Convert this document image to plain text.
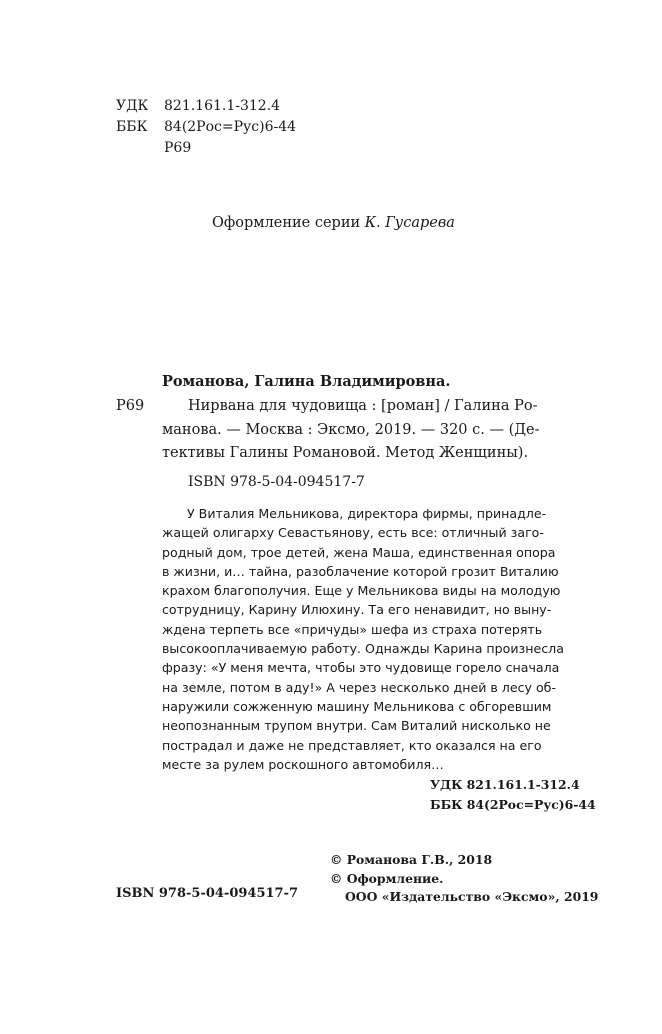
УДК 821.161.1-312.4
ББК 84(2Рос=Рус)6-44
Р69
Оформление серии К. Гусарева
Романова, Галина Владимировна.
Р69	Нирвана для чудовища : [роман] / Галина Ро-
манова. — Москва : Эксмо, 2019. — 320 с. — (Де-
тективы Галины Романовой. Метод Женщины).
ISBN 978-5-04-094517-7

У Виталия Мельникова, директора фирмы, принадле-

жащей олигарху Севастьянову, есть все: отличный заго-

родный дом, трое детей, жена Маша, единственная опора

в жизни, и… тайна, разоблачение которой грозит Виталию

крахом благополучия. Еще у Мельникова виды на молодую

сотрудницу, Карину Илюхину. Та его ненавидит, но выну-

ждена терпеть все «причуды» шефа из страха потерять

высокооплачиваемую работу. Однажды Карина произнесла

фразу: «У меня мечта, чтобы это чудовище горело сначала

на земле, потом в аду!» А через несколько дней в лесу об-

наружили сожженную машину Мельникова с обгоревшим

неопознанным трупом внутри. Сам Виталий нисколько не

пострадал и даже не представляет, кто оказался на его

месте за рулем роскошного автомобиля…

УДК 821.161.1-312.4
ББК 84(2Рос=Рус)6-44
© Романова Г.В., 2018
© Оформление.
ООО «Издательство «Эксмо», 2019
ISBN 978-5-04-094517-7
